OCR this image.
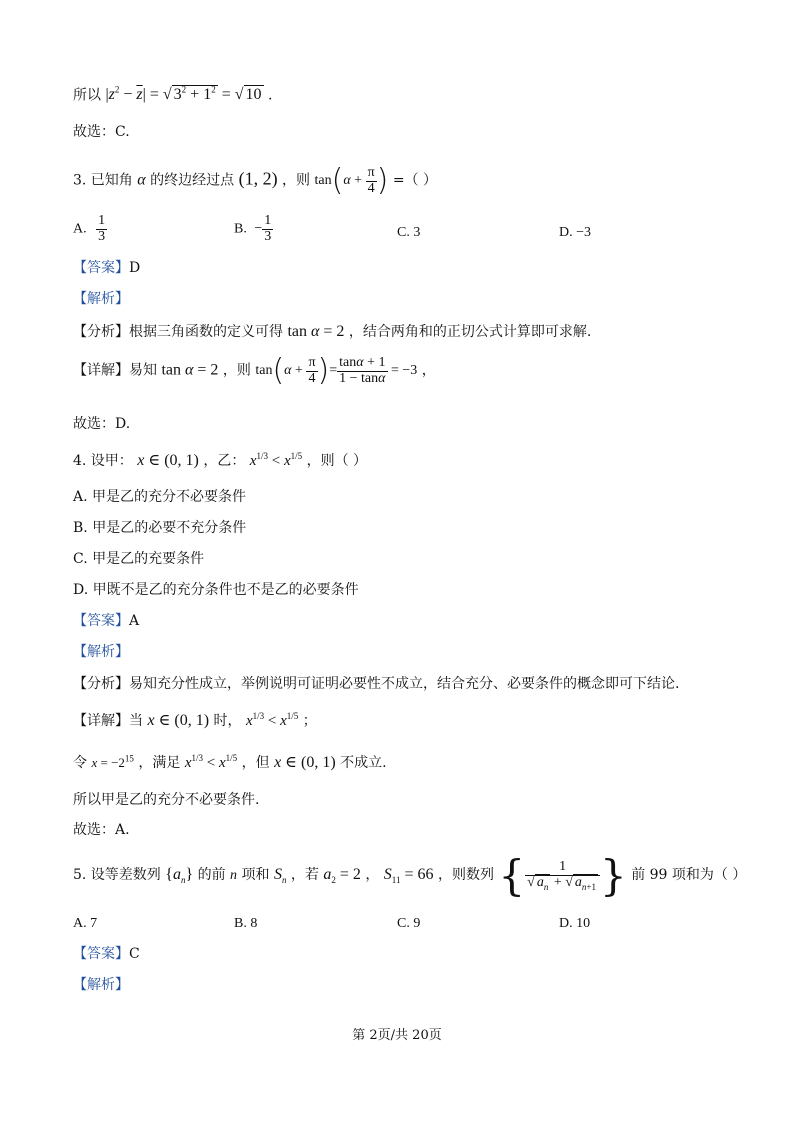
所以 $|z^2 - \overline{z}|$ = √ $3^2 + 1^2$ = √ 10 .
故选：C.
3. 已知角 α 的终边经过点 (1, 2) ，则 $\tan(\alpha + \frac{\pi}{4}$ ) =（ ）
A. $\frac{1}{3}$	B. − $\frac{1}{3}$	C. 3	D. −3
【答案】D
【解析】
【分析】根据三角函数的定义可得 tan α = 2 ，结合两角和的正切公式计算即可求解.
【详解】易知 tan α = 2 ，则 $\tan(\alpha + \frac{\pi}{4}$ )= $\frac{\tan\alpha + 1}{1 - \tan\alpha} = -3$ ，
故选：D.
4. 设甲： x ∈ (0, 1) ，乙： $x^{1/3} < x^{1/5}$ ，则（ ）
A. 甲是乙的充分不必要条件
B. 甲是乙的必要不充分条件
C. 甲是乙的充要条件
D. 甲既不是乙的充分条件也不是乙的必要条件
【答案】A
【解析】
【分析】易知充分性成立，举例说明可证明必要性不成立，结合充分、必要条件的概念即可下结论.
【详解】当 x ∈ (0, 1) 时， $x^{1/3} < x^{1/5}$ ；
令 $x = -2^{15}$ ，满足 $x^{1/3} < x^{1/5}$ ，但 x ∈ (0, 1) 不成立.
所以甲是乙的充分不必要条件.
故选：A.
5. 设等差数列 $\{a_n\}$ 的前 n 项和 $S_n$ ，若 $a_2 = 2$ ， $S_{11} = 66$ ，则数列 { $\frac{1}{√ a_n + √ a_{n+1}}$ } 前 99 项和为（ ）
A. 7	B. 8	C. 9	D. 10
【答案】C
【解析】
第 2页/共 20页
